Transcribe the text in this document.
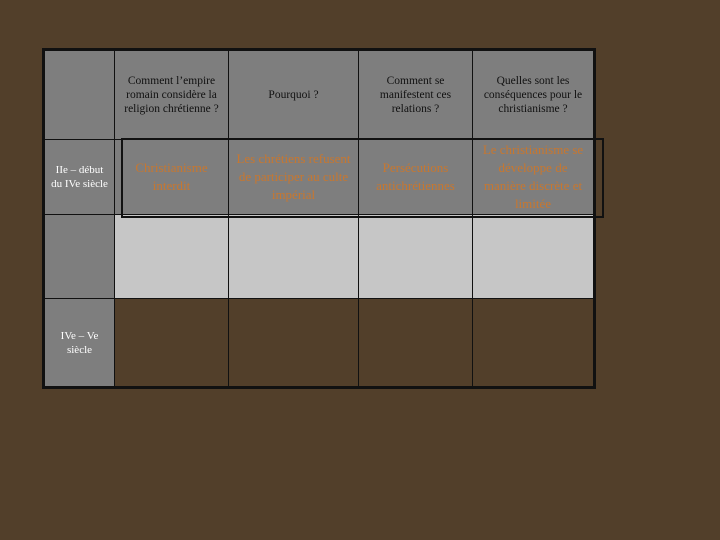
Comment l’empire romain considère la religion chrétienne ?
Pourquoi ?
Comment se manifestent ces relations ?
Quelles sont les conséquences pour le christianisme ?
IIe – début du IVe siècle
Christianisme interdit
Les chrétiens refusent de participer au culte impérial
Persécutions antichrétiennes
Le christianisme se développe de manière discrète et limitée
IVe – Ve siècle
